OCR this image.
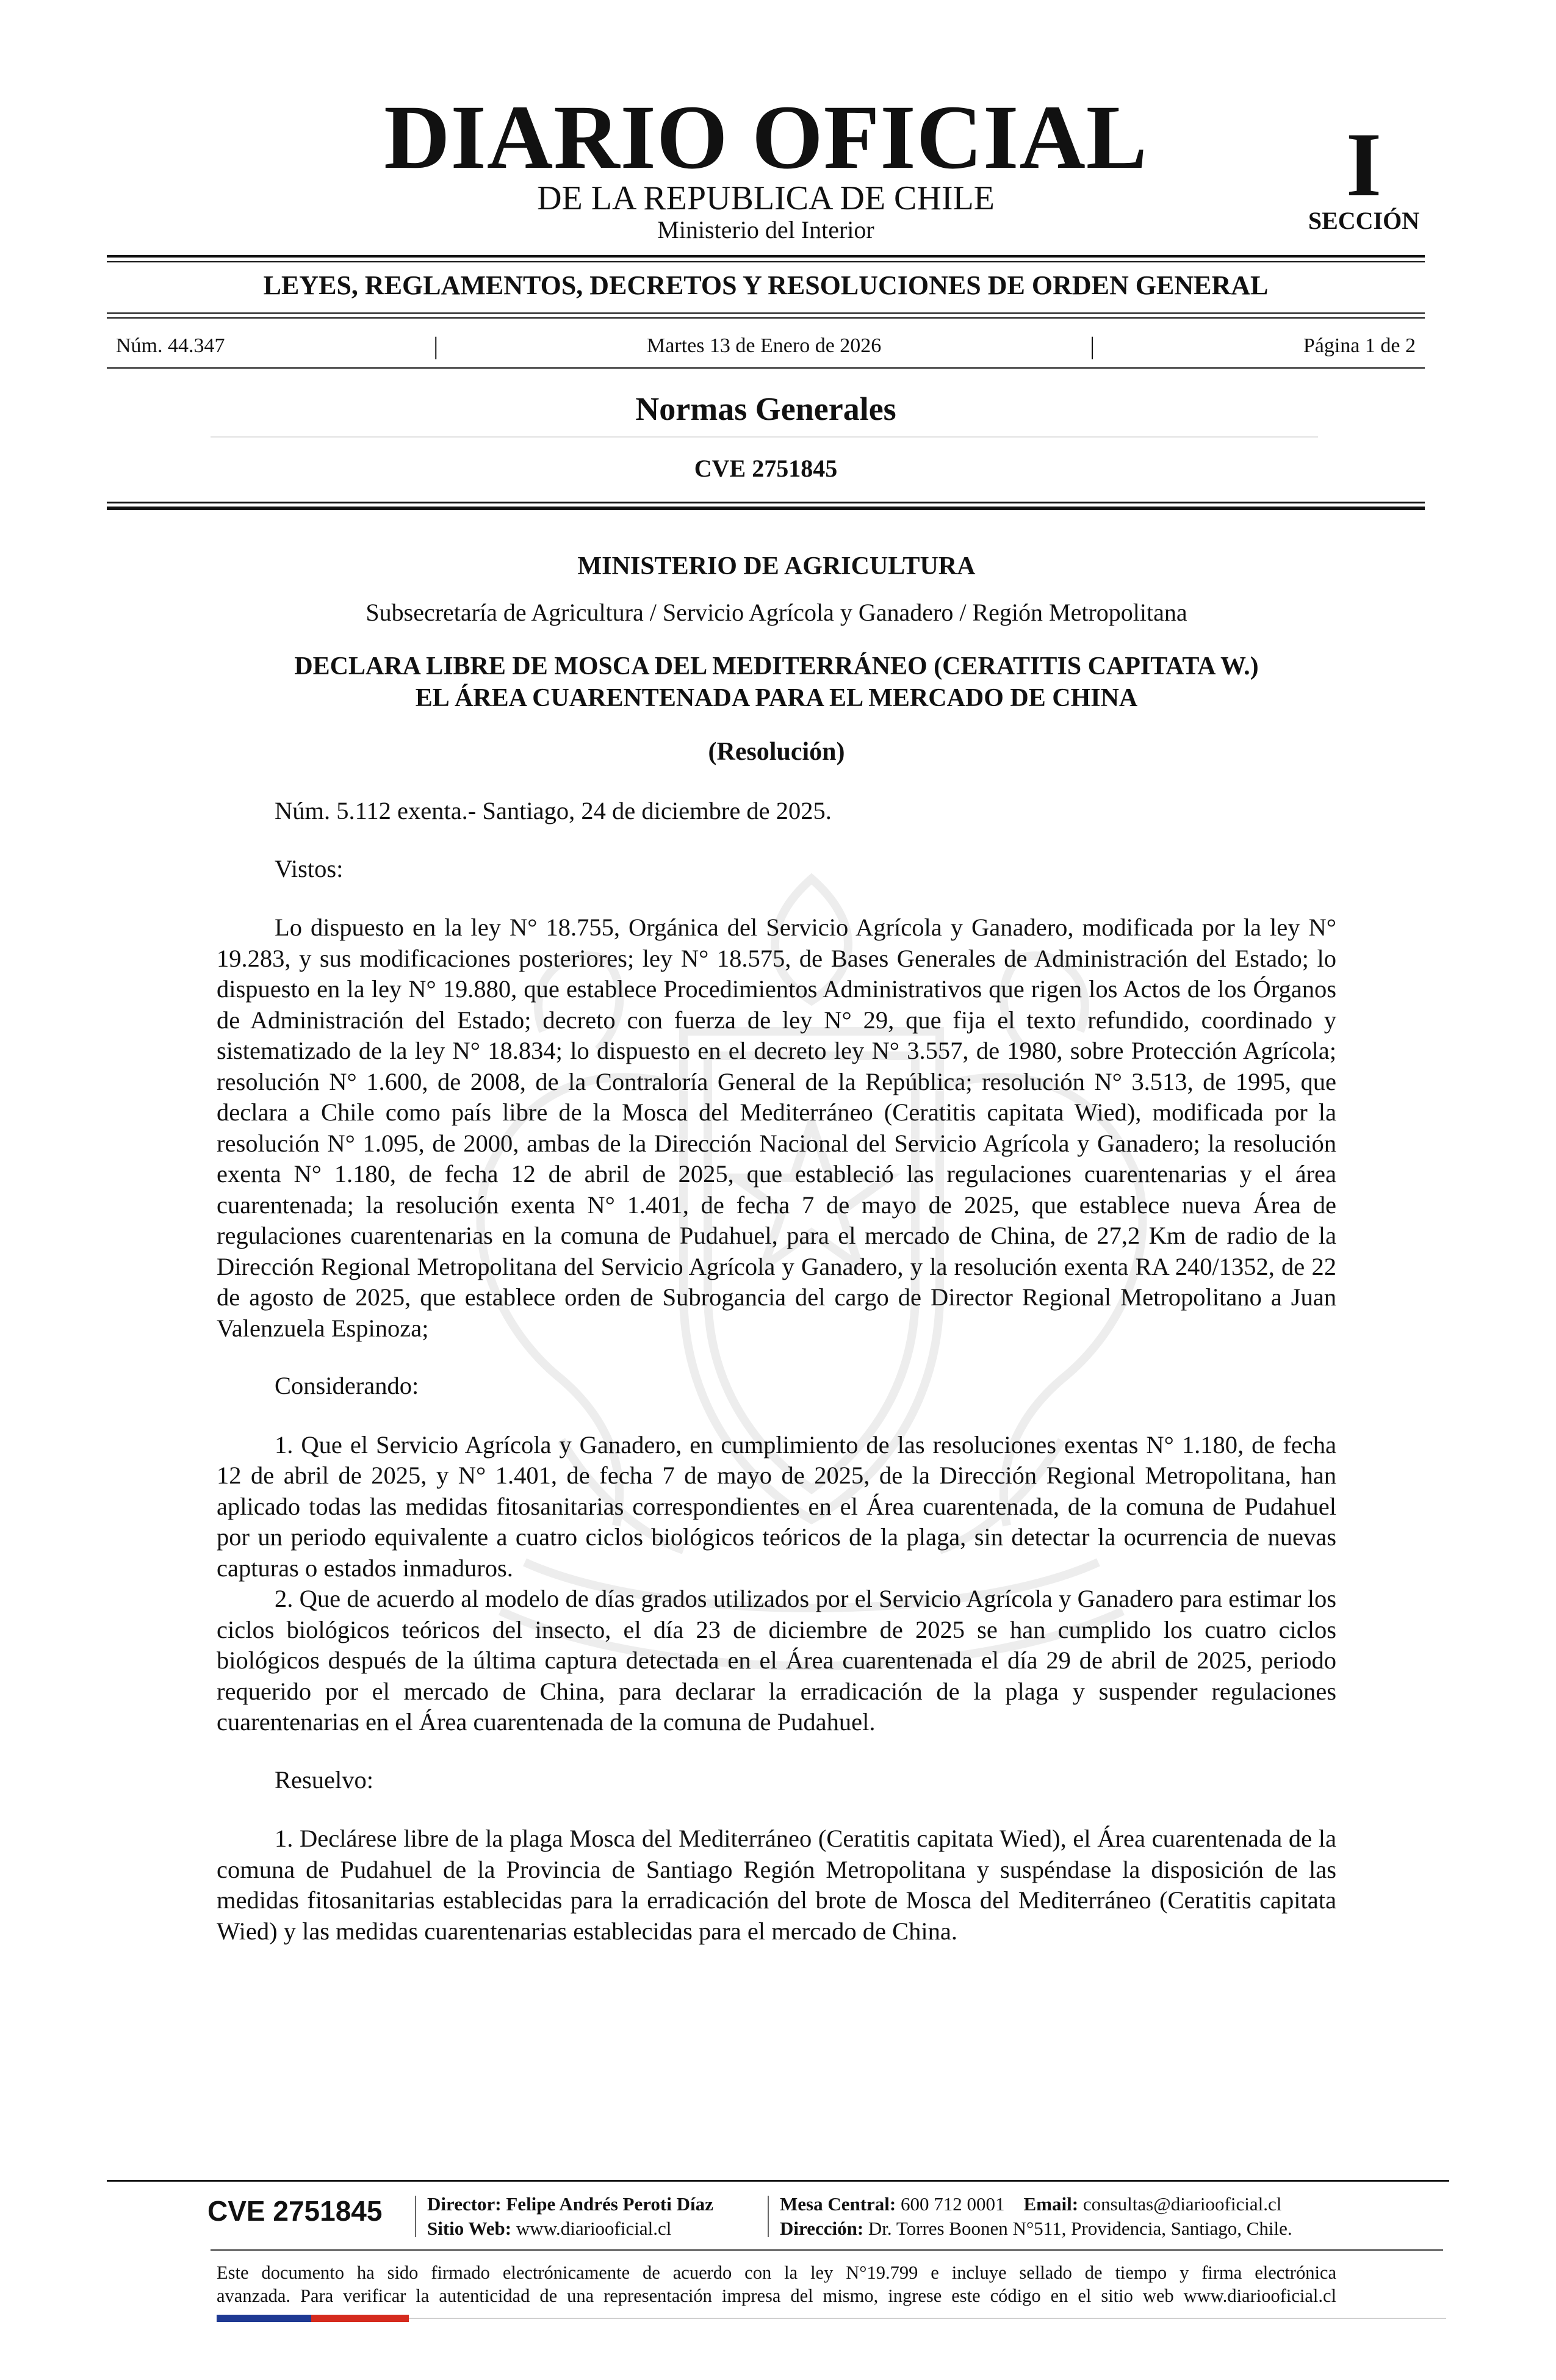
DIARIO OFICIAL
DE LA REPUBLICA DE CHILE
Ministerio del Interior
I
SECCIÓN
LEYES, REGLAMENTOS, DECRETOS Y RESOLUCIONES DE ORDEN GENERAL
Núm. 44.347	|	Martes 13 de Enero de 2026	|	Página 1 de 2
Normas Generales
CVE 2751845
MINISTERIO DE AGRICULTURA
Subsecretaría de Agricultura / Servicio Agrícola y Ganadero / Región Metropolitana
DECLARA LIBRE DE MOSCA DEL MEDITERRÁNEO (CERATITIS CAPITATA W.)
EL ÁREA CUARENTENADA PARA EL MERCADO DE CHINA
(Resolución)

Núm. 5.112 exenta.- Santiago, 24 de diciembre de 2025.

Vistos:

Lo dispuesto en la ley N° 18.755, Orgánica del Servicio Agrícola y Ganadero, modificada por la ley N° 19.283, y sus modificaciones posteriores; ley N° 18.575, de Bases Generales de Administración del Estado; lo dispuesto en la ley N° 19.880, que establece Procedimientos Administrativos que rigen los Actos de los Órganos de Administración del Estado; decreto con fuerza de ley N° 29, que fija el texto refundido, coordinado y sistematizado de la ley N° 18.834; lo dispuesto en el decreto ley N° 3.557, de 1980, sobre Protección Agrícola; resolución N° 1.600, de 2008, de la Contraloría General de la República; resolución N° 3.513, de 1995, que declara a Chile como país libre de la Mosca del Mediterráneo (Ceratitis capitata Wied), modificada por la resolución N° 1.095, de 2000, ambas de la Dirección Nacional del Servicio Agrícola y Ganadero; la resolución exenta N° 1.180, de fecha 12 de abril de 2025, que estableció las regulaciones cuarentenarias y el área cuarentenada; la resolución exenta N° 1.401, de fecha 7 de mayo de 2025, que establece nueva Área de regulaciones cuarentenarias en la comuna de Pudahuel, para el mercado de China, de 27,2 Km de radio de la Dirección Regional Metropolitana del Servicio Agrícola y Ganadero, y la resolución exenta RA 240/1352, de 22 de agosto de 2025, que establece orden de Subrogancia del cargo de Director Regional Metropolitano a Juan Valenzuela Espinoza;

Considerando:

1. Que el Servicio Agrícola y Ganadero, en cumplimiento de las resoluciones exentas N° 1.180, de fecha 12 de abril de 2025, y N° 1.401, de fecha 7 de mayo de 2025, de la Dirección Regional Metropolitana, han aplicado todas las medidas fitosanitarias correspondientes en el Área cuarentenada, de la comuna de Pudahuel por un periodo equivalente a cuatro ciclos biológicos teóricos de la plaga, sin detectar la ocurrencia de nuevas capturas o estados inmaduros.

2. Que de acuerdo al modelo de días grados utilizados por el Servicio Agrícola y Ganadero para estimar los ciclos biológicos teóricos del insecto, el día 23 de diciembre de 2025 se han cumplido los cuatro ciclos biológicos después de la última captura detectada en el Área cuarentenada el día 29 de abril de 2025, periodo requerido por el mercado de China, para declarar la erradicación de la plaga y suspender regulaciones cuarentenarias en el Área cuarentenada de la comuna de Pudahuel.

Resuelvo:

1. Declárese libre de la plaga Mosca del Mediterráneo (Ceratitis capitata Wied), el Área cuarentenada de la comuna de Pudahuel de la Provincia de Santiago Región Metropolitana y suspéndase la disposición de las medidas fitosanitarias establecidas para la erradicación del brote de Mosca del Mediterráneo (Ceratitis capitata Wied) y las medidas cuarentenarias establecidas para el mercado de China.

CVE 2751845 Director: Felipe Andrés Peroti Díaz
Sitio Web: www.diariooficial.cl
Mesa Central: 600 712 0001 Email: consultas@diariooficial.cl
Dirección: Dr. Torres Boonen N°511, Providencia, Santiago, Chile.
Este documento ha sido firmado electrónicamente de acuerdo con la ley N°19.799 e incluye sellado de tiempo y firma electrónica
avanzada. Para verificar la autenticidad de una representación impresa del mismo, ingrese este código en el sitio web www.diariooficial.cl
